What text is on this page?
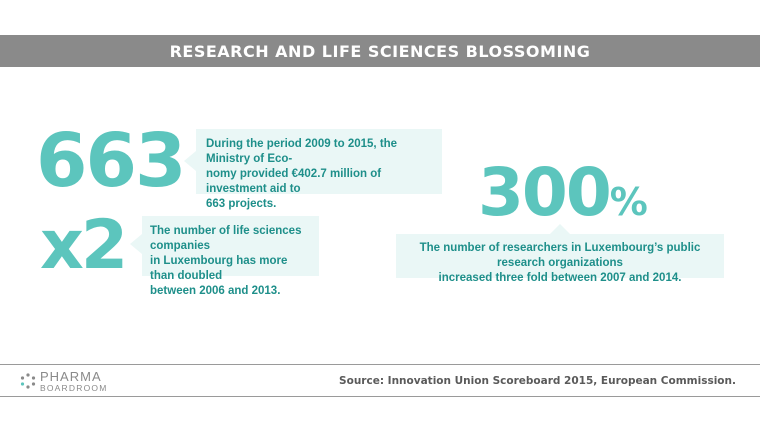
RESEARCH AND LIFE SCIENCES BLOSSOMING
663 During the period 2009 to 2015, the Ministry of Eco-
nomy provided €402.7 million of investment aid to
663 projects.
x2 The number of life sciences companies
in Luxembourg has more than doubled
between 2006 and 2013.
300%
The number of researchers in Luxembourg’s public research organizations
increased three fold between 2007 and 2014.
PHARMA
BOARDROOM
Source: Innovation Union Scoreboard 2015, European Commission.
